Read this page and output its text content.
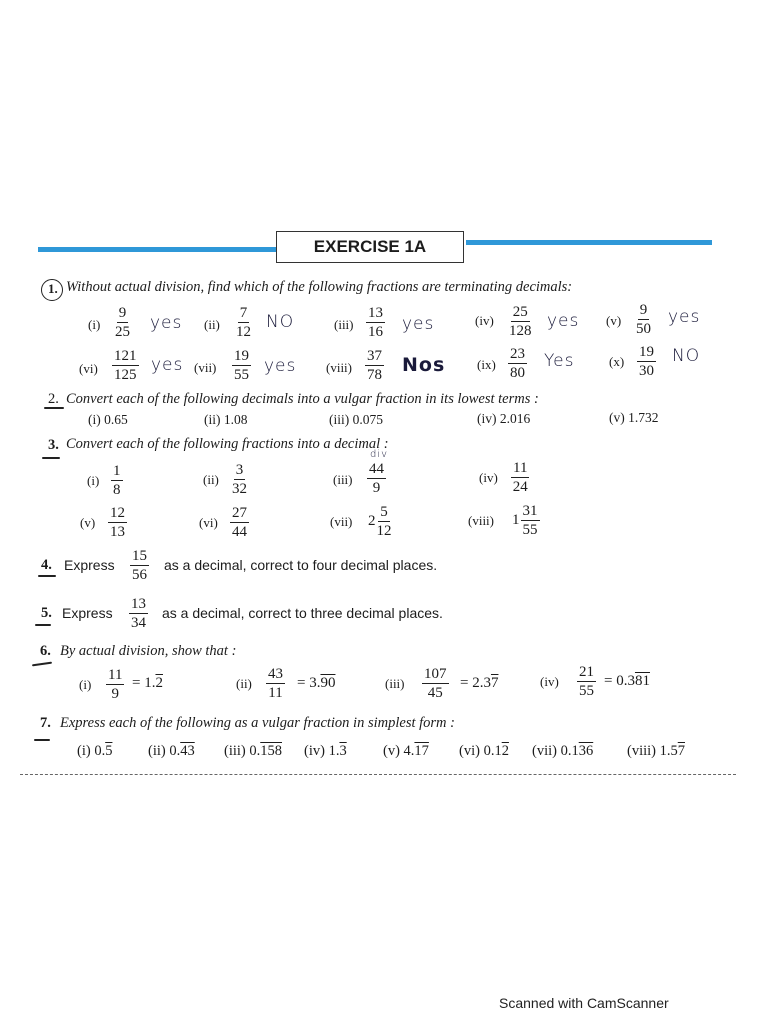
EXERCISE 1A
1. Without actual division, find which of the following fractions are terminating decimals:
$(i) \frac{9}{25}$ yes $(ii) \frac{7}{12}$ NO	$(iii) \frac{13}{16}$ yes	$(iv) \frac{25}{128}$ yes $(v) \frac{9}{50}$ yes
$(vi) \frac{121}{125}$ yes $(vii) \frac{19}{55}$ yes (viii) $\frac{37}{78}$ Nos $(ix) \frac{23}{80}$ Yes	$(x) \frac{19}{30}$ NO
2. Convert each of the following decimals into a vulgar fraction in its lowest terms :
(i) 0.65	(ii) 1.08	(iii) 0.075	(iv) 2.016	(v) 1.732
3. Convert each of the following fractions into a decimal :
div
$(i) \frac{1}{8}$	$(ii) \frac{3}{32}$	$(iii) \frac{44}{9}$	$(iv) \frac{11}{24}$
$(v) \frac{12}{13}$	$(vi) \frac{27}{44}$	(vii) $2 \frac{5}{12}$	(viii) $1 \frac{31}{55}$
4. Express $\frac{15}{56}$ as a decimal, correct to four decimal places.
5. Express $\frac{13}{34}$ as a decimal, correct to three decimal places.
6. By actual division, show that :
$(i) \frac{11}{9} = 1.2$	$(ii) \frac{43}{11} = 3.90$	$(iii) \frac{107}{45} = 2.37$	$(iv) \frac{21}{55} = 0.381$
7. Express each of the following as a vulgar fraction in simplest form :
(i) 0.5 (ii) 0.43 (iii) 0.158 (iv) 1.3	(v) 4.17 (vi) 0.12 (vii) 0.136 (viii) 1.57
Scanned with CamScanner
